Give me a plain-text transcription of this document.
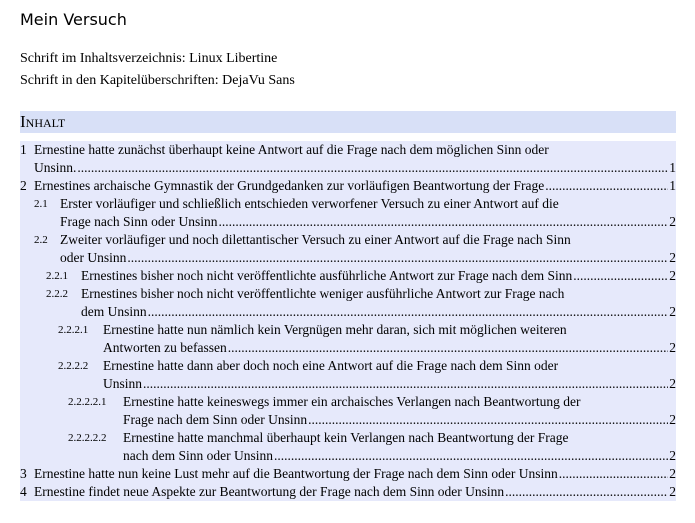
Mein Versuch
Schrift im Inhaltsverzeichnis: Linux Libertine
Schrift in den Kapitelüberschriften: DejaVu Sans
Inhalt
1 Ernestine hatte zunächst überhaupt keine Antwort auf die Frage nach dem möglichen Sinn oder
Unsinn. .....	1
2 Ernestines archaische Gymnastik der Grundgedanken zur vorläufigen Beantwortung der Frage .....	1
2.1 Erster vorläufiger und schließlich entschieden verworfener Versuch zu einer Antwort auf die
Frage nach Sinn oder Unsinn .....	2
2.2 Zweiter vorläufiger und noch dilettantischer Versuch zu einer Antwort auf die Frage nach Sinn
oder Unsinn .....	2
2.2.1 Ernestines bisher noch nicht veröffentlichte ausführliche Antwort zur Frage nach dem Sinn .....	2
2.2.2 Ernestines bisher noch nicht veröffentlichte weniger ausführliche Antwort zur Frage nach
dem Unsinn .....	2
2.2.2.1 Ernestine hatte nun nämlich kein Vergnügen mehr daran, sich mit möglichen weiteren
Antworten zu befassen .....	2
2.2.2.2 Ernestine hatte dann aber doch noch eine Antwort auf die Frage nach dem Sinn oder
Unsinn .....	2
2.2.2.2.1 Ernestine hatte keineswegs immer ein archaisches Verlangen nach Beantwortung der
Frage nach dem Sinn oder Unsinn .....	2
2.2.2.2.2 Ernestine hatte manchmal überhaupt kein Verlangen nach Beantwortung der Frage
nach dem Sinn oder Unsinn .....	2
3 Ernestine hatte nun keine Lust mehr auf die Beantwortung der Frage nach dem Sinn oder Unsinn .....	2
4 Ernestine findet neue Aspekte zur Beantwortung der Frage nach dem Sinn oder Unsinn .....	2
